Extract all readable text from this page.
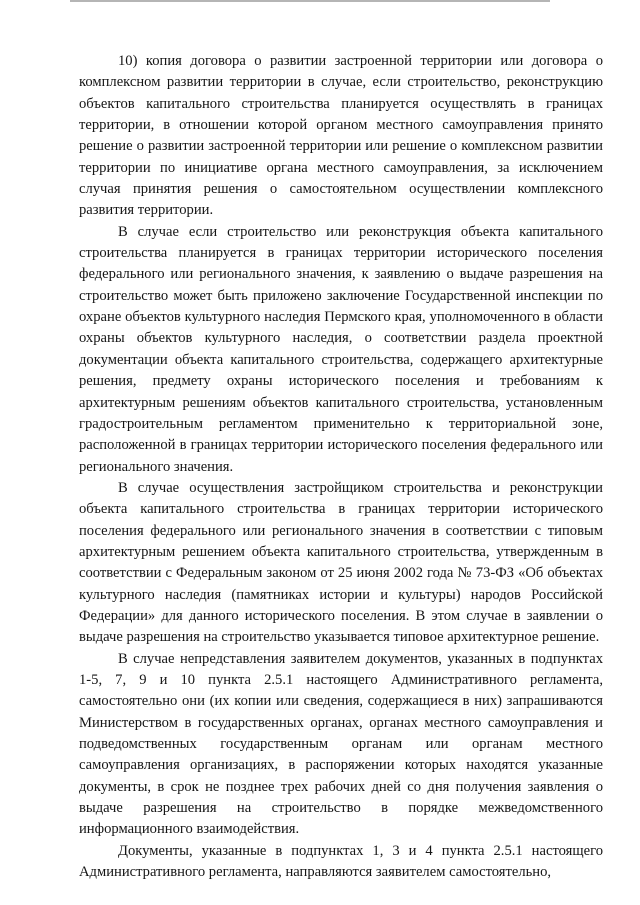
10) копия договора о развитии застроенной территории или договора о комплексном развитии территории в случае, если строительство, реконструкцию объектов капитального строительства планируется осуществлять в границах территории, в отношении которой органом местного самоуправления принято решение о развитии застроенной территории или решение о комплексном развитии территории по инициативе органа местного самоуправления, за исключением случая принятия решения о самостоятельном осуществлении комплексного развития территории.

В случае если строительство или реконструкция объекта капитального строительства планируется в границах территории исторического поселения федерального или регионального значения, к заявлению о выдаче разрешения на строительство может быть приложено заключение Государственной инспекции по охране объектов культурного наследия Пермского края, уполномоченного в области охраны объектов культурного наследия, о соответствии раздела проектной документации объекта капитального строительства, содержащего архитектурные решения, предмету охраны исторического поселения и требованиям к архитектурным решениям объектов капитального строительства, установленным градостроительным регламентом применительно к территориальной зоне, расположенной в границах территории исторического поселения федерального или регионального значения.

В случае осуществления застройщиком строительства и реконструкции объекта капитального строительства в границах территории исторического поселения федерального или регионального значения в соответствии с типовым архитектурным решением объекта капитального строительства, утвержденным в соответствии с Федеральным законом от 25 июня 2002 года № 73-ФЗ «Об объектах культурного наследия (памятниках истории и культуры) народов Российской Федерации» для данного исторического поселения. В этом случае в заявлении о выдаче разрешения на строительство указывается типовое архитектурное решение.

В случае непредставления заявителем документов, указанных в подпунктах 1-5, 7, 9 и 10 пункта 2.5.1 настоящего Административного регламента, самостоятельно они (их копии или сведения, содержащиеся в них) запрашиваются Министерством в государственных органах, органах местного самоуправления и подведомственных государственным органам или органам местного самоуправления организациях, в распоряжении которых находятся указанные документы, в срок не позднее трех рабочих дней со дня получения заявления о выдаче разрешения на строительство в порядке межведомственного информационного взаимодействия.

Документы, указанные в подпунктах 1, 3 и 4 пункта 2.5.1 настоящего Административного регламента, направляются заявителем самостоятельно,
